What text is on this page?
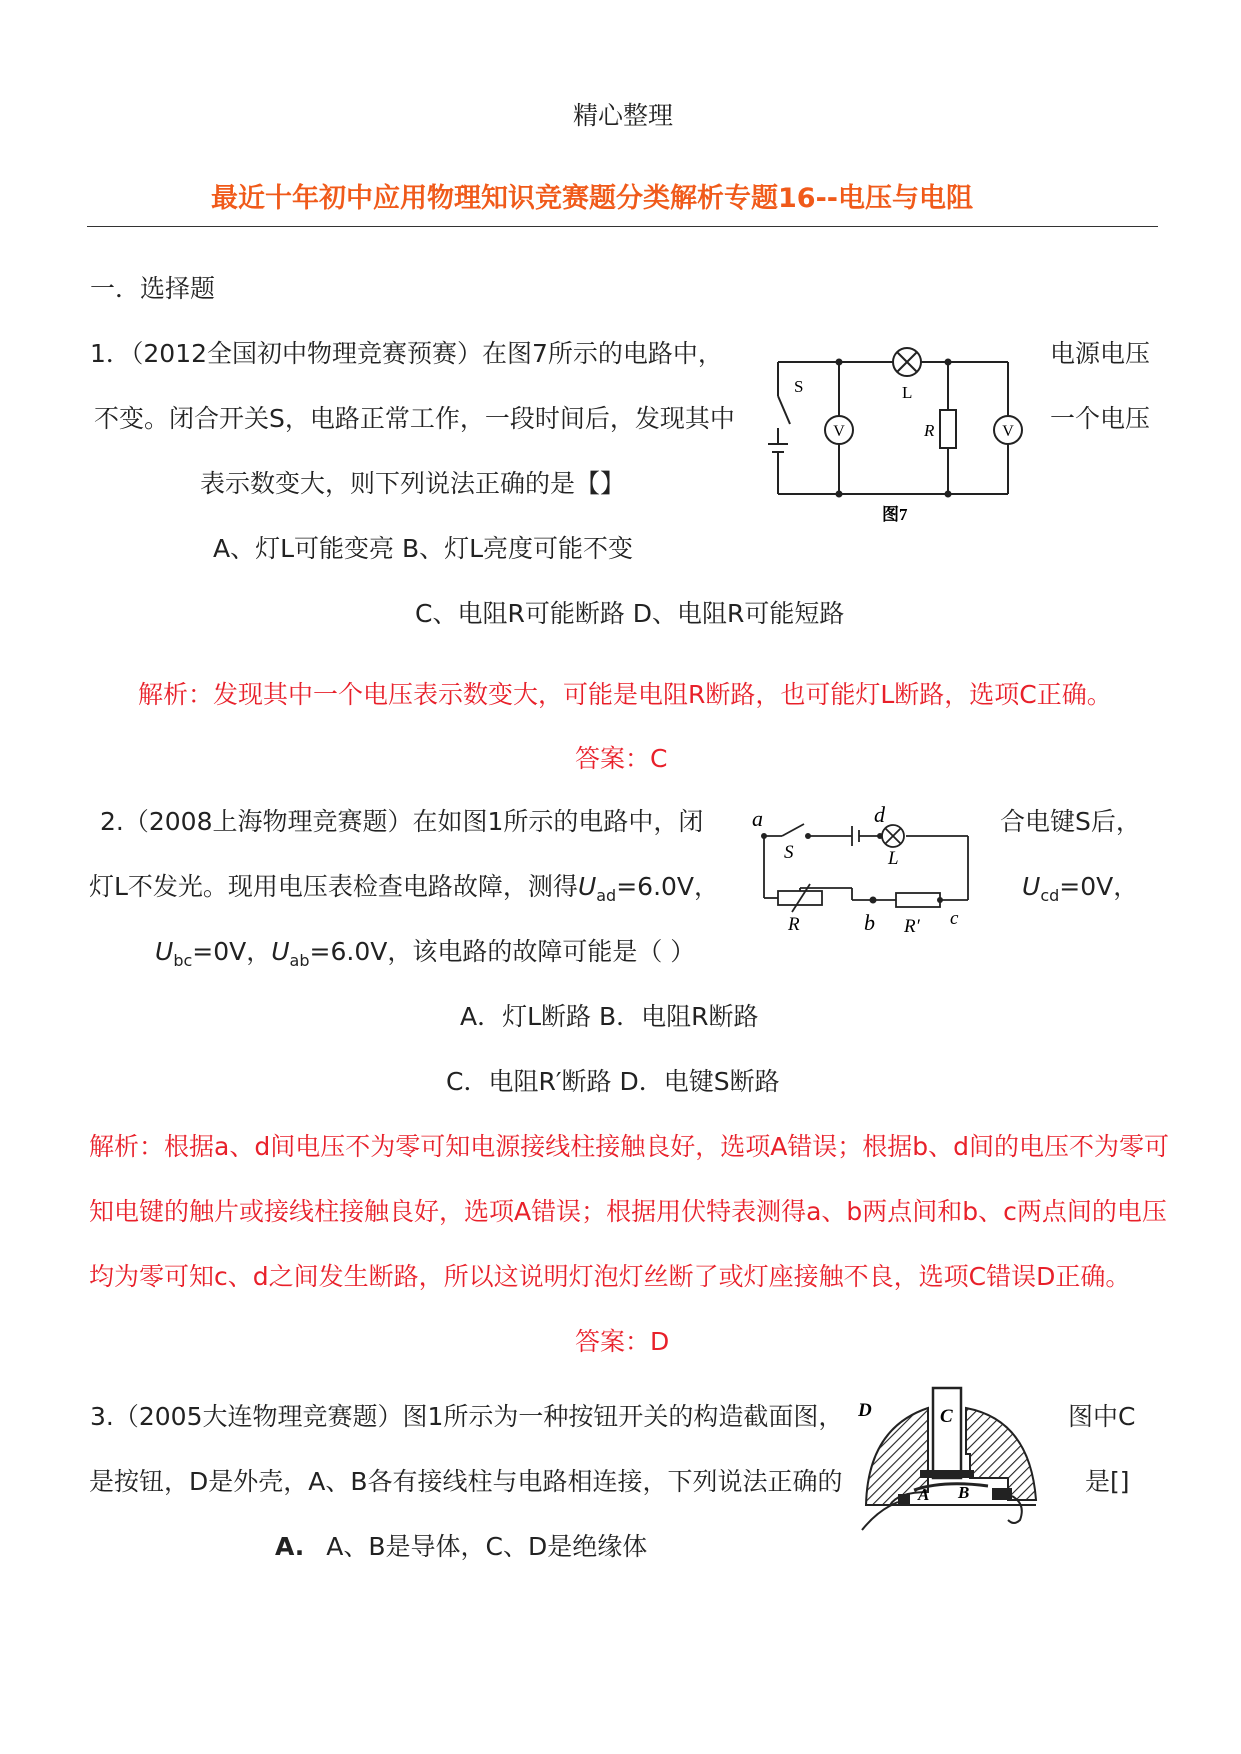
精心整理
最近十年初中应用物理知识竞赛题分类解析专题16--电压与电阻
一．选择题
1．（2012全国初中物理竞赛预赛）在图7所示的电路中，	电源电压
不变。闭合开关S，电路正常工作，一段时间后，发现其中	一个电压
表示数变大，则下列说法正确的是【】
A、灯L可能变亮 B、灯L亮度可能不变
C、电阻R可能断路 D、电阻R可能短路
解析：发现其中一个电压表示数变大，可能是电阻R断路，也可能灯L断路，选项C正确。
答案：C
V	V
S	L
R
图7
2.（2008上海物理竞赛题）在如图1所示的电路中，闭	合电键S后，
灯L不发光。现用电压表检查电路故障，测得$U_{ad}=6.0V$，	$U_{cd}=0V$，
$U_{bc}=0V$，$U_{ab}=6.0V$，该电路的故障可能是（ ）
A．灯L断路 B．电阻R断路
C．电阻R′断路 D．电键S断路
解析：根据a、d间电压不为零可知电源接线柱接触良好，选项A错误；根据b、d间的电压不为零可
知电键的触片或接线柱接触良好，选项A错误；根据用伏特表测得a、b两点间和b、c两点间的电压
均为零可知c、d之间发生断路，所以这说明灯泡灯丝断了或灯座接触不良，选项C错误D正确。
答案：D
a	d
S	L
R	b R′ c
3.（2005大连物理竞赛题）图1所示为一种按钮开关的构造截面图，	图中C
是按钮，D是外壳，A、B各有接线柱与电路相连接，下列说法正确的	是[]
A. A、B是导体，C、D是绝缘体
C
D
A B
